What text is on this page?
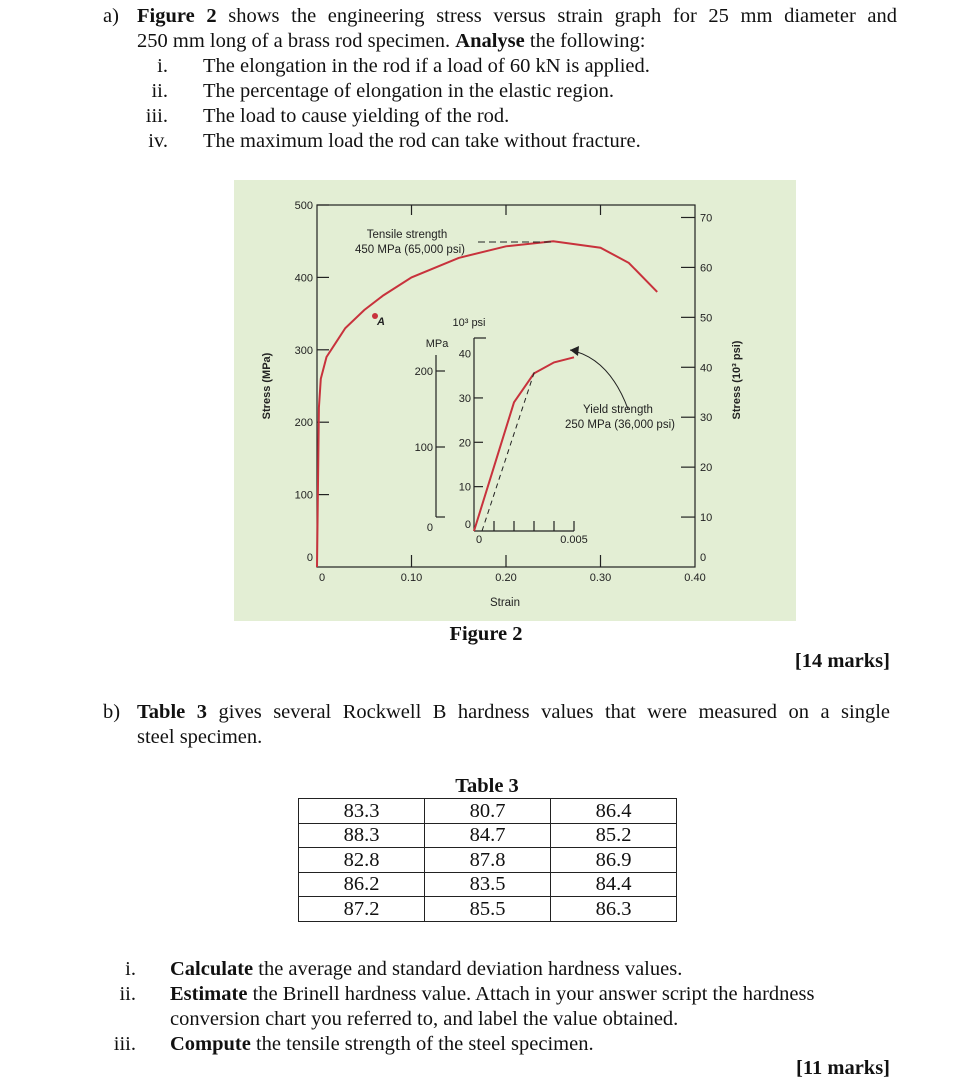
a) Figure 2 shows the engineering stress versus strain graph for 25 mm diameter and
250 mm long of a brass rod specimen. Analyse the following:
i. The elongation in the rod if a load of 60 kN is applied.
ii. The percentage of elongation in the elastic region.
iii. The load to cause yielding of the rod.
iv. The maximum load the rod can take without fracture.
0
100
200
300
400
500
0
10
20
30
40
50
60
70
0	0.10	0.20	0.30	0.40
0
10
20
30
40
0
100
200
0	0.005
A
Tensile strength
450 MPa (65,000 psi)
Yield strength
250 MPa (36,000 psi)
Strain
Stress (MPa)	Stress (10³ psi)
10³ psi
MPa
Figure 2
[14 marks]
b) Table 3 gives several Rockwell B hardness values that were measured on a single
steel specimen.
Table 3
83.3	80.7	86.4
88.3	84.7	85.2
82.8	87.8	86.9
86.2	83.5	84.4
87.2	85.5	86.3
i. Calculate the average and standard deviation hardness values.
ii. Estimate the Brinell hardness value. Attach in your answer script the hardness
conversion chart you referred to, and label the value obtained.
iii. Compute the tensile strength of the steel specimen.
[11 marks]
